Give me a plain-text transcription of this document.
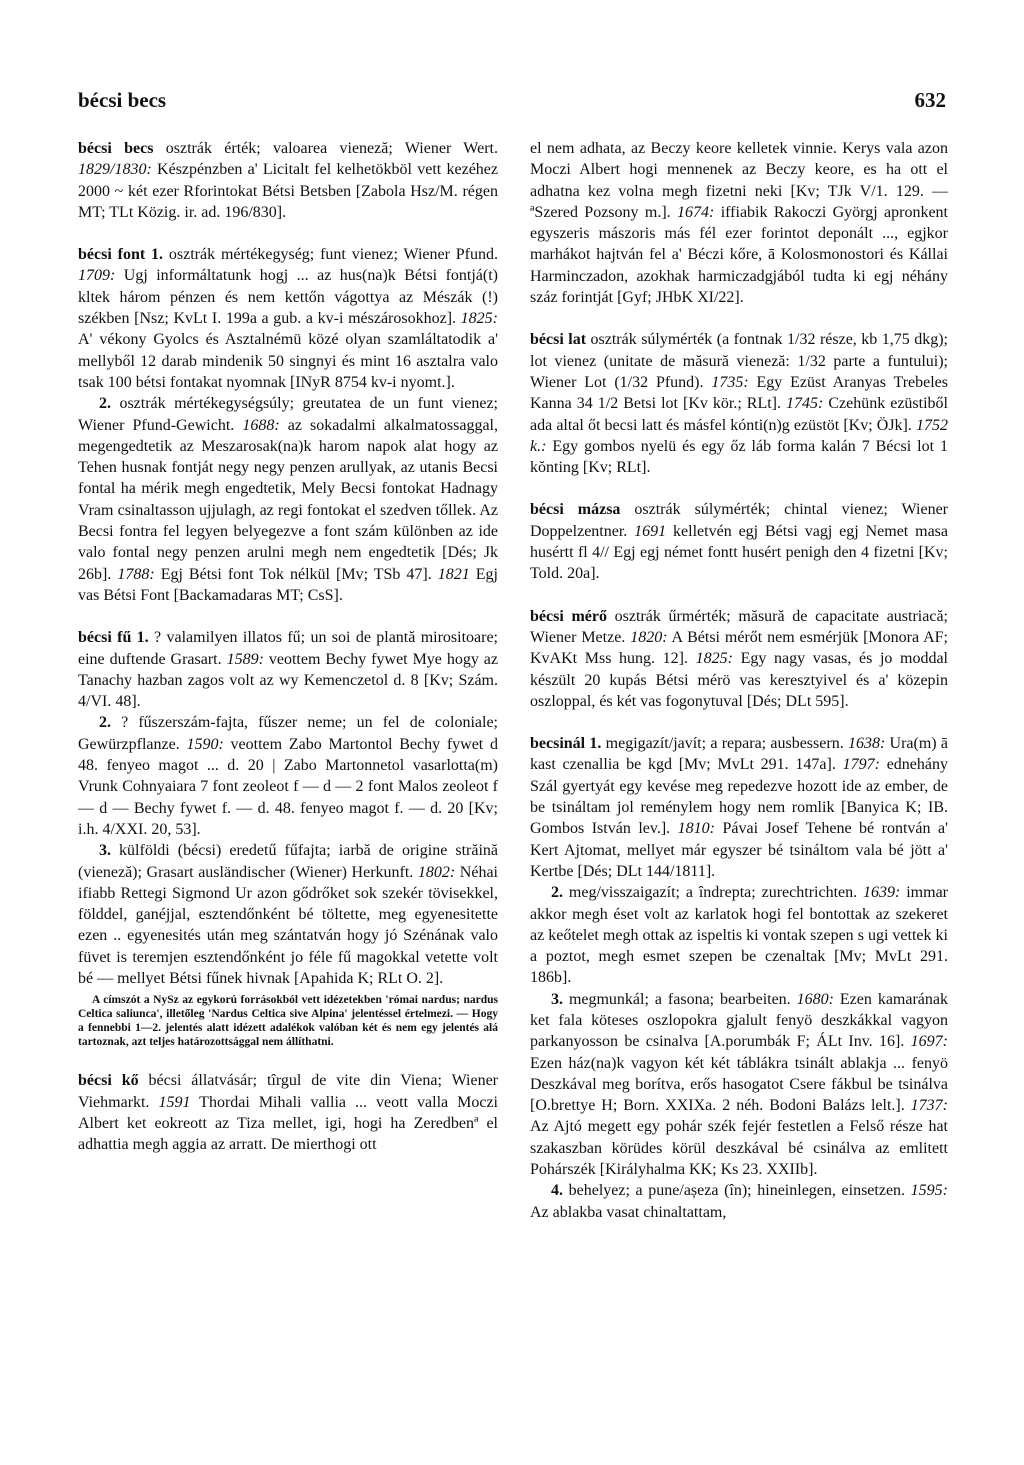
bécsi becs	632

bécsi becs osztrák érték; valoarea vieneză; Wiener Wert. 1829/1830: Készpénzben a' Licitalt fel kelhetökböl vett kezéhez 2000 ~ két ezer Rforintokat Bétsi Betsben [Zabola Hsz/M. régen MT; TLt Közig. ir. ad. 196/830].

bécsi font 1. osztrák mértékegység; funt vienez; Wiener Pfund. 1709: Ugj informáltatunk hogj ... az hus(na)k Bétsi fontjá(t) kltek három pénzen és nem kettőn vágottya az Mészák (!) székben [Nsz; KvLt I. 199a a gub. a kv-i mészárosokhoz]. 1825: A' vékony Gyolcs és Asztalnémü közé olyan szamláltatodik a' mellyből 12 darab mindenik 50 singnyi és mint 16 asztalra valo tsak 100 bétsi fontakat nyomnak [INyR 8754 kv-i nyomt.].

2. osztrák mértékegységsúly; greutatea de un funt vienez; Wiener Pfund-Gewicht. 1688: az sokadalmi alkalmatossaggal, megengedtetik az Meszarosak(na)k harom napok alat hogy az Tehen husnak fontját negy negy penzen arullyak, az utanis Becsi fontal ha mérik megh engedtetik, Mely Becsi fontokat Hadnagy Vram csinaltasson ujjulagh, az regi fontokat el szedven tőllek. Az Becsi fontra fel legyen belyegezve a font szám különben az ide valo fontal negy penzen arulni megh nem engedtetik [Dés; Jk 26b]. 1788: Egj Bétsi font Tok nélkül [Mv; TSb 47]. 1821 Egj vas Bétsi Font [Backamadaras MT; CsS].

bécsi fű 1. ? valamilyen illatos fű; un soi de plantă mirositoare; eine duftende Grasart. 1589: veottem Bechy fywet Mye hogy az Tanachy hazban zagos volt az wy Kemenczetol d. 8 [Kv; Szám. 4/VI. 48].

2. ? fűszerszám-fajta, fűszer neme; un fel de coloniale; Gewürzpflanze. 1590: veottem Zabo Martontol Bechy fywet d 48. fenyeo magot ... d. 20 | Zabo Martonnetol vasarlotta(m) Vrunk Cohnyaiara 7 font zeoleot f — d — 2 font Malos zeoleot f — d — Bechy fywet f. — d. 48. fenyeo magot f. — d. 20 [Kv; i.h. 4/XXI. 20, 53].

3. külföldi (bécsi) eredetű fűfajta; iarbă de origine străină (vieneză); Grasart ausländischer (Wiener) Herkunft. 1802: Néhai ifiabb Rettegi Sigmond Ur azon gődrőket sok szekér tövisekkel, földdel, ganéjjal, esztendőnként bé töltette, meg egyenesitette ezen .. egyenesités után meg szántatván hogy jó Szénának valo füvet is teremjen esztendőnként jo féle fű magokkal vetette volt bé — mellyet Bétsi fűnek hivnak [Apahida K; RLt O. 2].

A címszót a NySz az egykorú forrásokból vett idézetekben 'római nardus; nardus Celtica saliunca', illetőleg 'Nardus Celtica sive Alpina' jelentéssel értelmezi. — Hogy a fennebbi 1—2. jelentés alatt idézett adalékok valóban két és nem egy jelentés alá tartoznak, azt teljes határozottsággal nem állíthatni.

bécsi kő bécsi állatvásár; tîrgul de vite din Viena; Wiener Viehmarkt. 1591 Thordai Mihali vallia ... veott valla Moczi Albert ket eokreott az Tiza mellet, igi, hogi ha Zeredbenª el adhattia megh aggia az arratt. De mierthogi ott

el nem adhata, az Beczy keore kelletek vinnie. Kerys vala azon Moczi Albert hogi mennenek az Beczy keore, es ha ott el adhatna kez volna megh fizetni neki [Kv; TJk V/1. 129. — ªSzered Pozsony m.]. 1674: iffiabik Rakoczi Györgj apronkent egyszeris mászoris más fél ezer forintot deponált ..., egjkor marhákot hajtván fel a' Béczi kőre, ā Kolosmonostori és Kállai Harminczadon, azokhak harmiczadgjából tudta ki egj néhány száz forintját [Gyf; JHbK XI/22].

bécsi lat osztrák súlymérték (a fontnak 1/32 része, kb 1,75 dkg); lot vienez (unitate de măsură vieneză: 1/32 parte a funtului); Wiener Lot (1/32 Pfund). 1735: Egy Ezüst Aranyas Trebeles Kanna 34 1/2 Betsi lot [Kv kör.; RLt]. 1745: Czehünk ezüstiből ada altal őt becsi latt és másfel kónti(n)g ezüstöt [Kv; ÖJk]. 1752 k.: Egy gombos nyelü és egy őz láb forma kalán 7 Bécsi lot 1 kŏnting [Kv; RLt].

bécsi mázsa osztrák súlymérték; chintal vienez; Wiener Doppelzentner. 1691 kelletvén egj Bétsi vagj egj Nemet masa husértt fl 4// Egj egj német fontt husért penigh den 4 fizetni [Kv; Told. 20a].

bécsi mérő osztrák űrmérték; măsură de capacitate austriacă; Wiener Metze. 1820: A Bétsi mérőt nem esmérjük [Monora AF; KvAKt Mss hung. 12]. 1825: Egy nagy vasas, és jo moddal készült 20 kupás Bétsi mérö vas keresztyivel és a' közepin oszloppal, és két vas fogonytuval [Dés; DLt 595].

becsinál 1. megigazít/javít; a repara; ausbessern. 1638: Ura(m) ā kast czenallia be kgd [Mv; MvLt 291. 147a]. 1797: ednehány Szál gyertyát egy kevése meg repedezve hozott ide az ember, de be tsináltam jol reménylem hogy nem romlik [Banyica K; IB. Gombos István lev.]. 1810: Pávai Josef Tehene bé rontván a' Kert Ajtomat, mellyet már egyszer bé tsináltom vala bé jött a' Kertbe [Dés; DLt 144/1811].

2. meg/visszaigazít; a îndrepta; zurechtrichten. 1639: immar akkor megh éset volt az karlatok hogi fel bontottak az szekeret az keőtelet megh ottak az ispeltis ki vontak szepen s ugi vettek ki a poztot, megh esmet szepen be czenaltak [Mv; MvLt 291. 186b].

3. megmunkál; a fasona; bearbeiten. 1680: Ezen kamarának ket fala kötesеs oszlopokra gjalult fenyö deszkákkal vagyon parkanyosson be csinalva [A.porumbák F; ÁLt Inv. 16]. 1697: Ezen ház(na)k vagyon két két táblákra tsinált ablakja ... fenyö Deszkával meg borítva, erős hasogatot Csere fákbul be tsinálva [O.brettye H; Born. XXIXa. 2 néh. Bodoni Balázs lelt.]. 1737: Az Ajtó megett egy pohár szék fejér festetlen a Felső része hat szakaszban körüdes körül deszkával bé csinálva az emlitett Pohárszék [Királyhalma KK; Ks 23. XXIIb].

4. behelyez; a pune/așeza (în); hineinlegen, einsetzen. 1595: Az ablakba vasat chinaltattam,
